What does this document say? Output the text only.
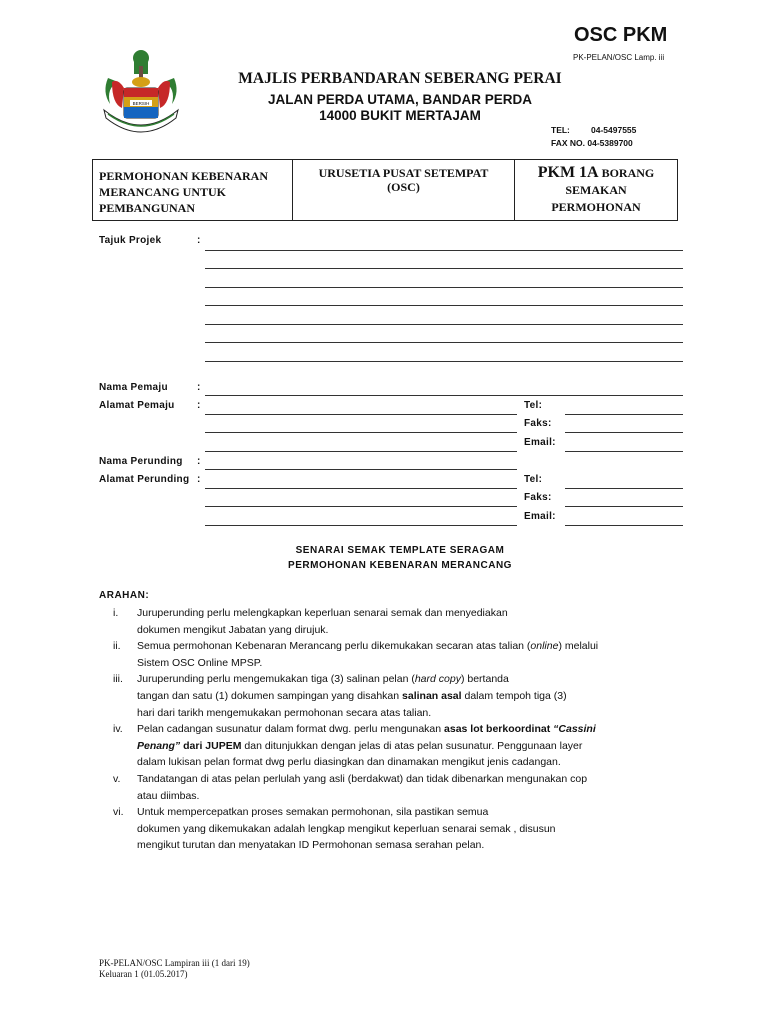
OSC PKM
PK-PELAN/OSC Lamp. iii
BERSIH
MAJLIS PERBANDARAN SEBERANG PERAI
JALAN PERDA UTAMA, BANDAR PERDA
14000 BUKIT MERTAJAM
TEL: 04-5497555
FAX NO. 04-5389700
PERMOHONAN KEBENARAN
MERANCANG UNTUK
PEMBANGUNAN
URUSETIA PUSAT SETEMPAT
(OSC)
PKM 1A BORANG
SEMAKAN
PERMOHONAN
Tajuk Projek	:
Nama Pemaju	:
Alamat Pemaju :	Tel:
Faks:
Email:
Nama Perunding :
Alamat Perunding :	Tel:
Faks:
Email:
SENARAI SEMAK TEMPLATE SERAGAM
PERMOHONAN KEBENARAN MERANCANG
ARAHAN:
i.	Juruperunding perlu melengkapkan keperluan senarai semak dan menyediakan
dokumen mengikut Jabatan yang dirujuk.
ii.	Semua permohonan Kebenaran Merancang perlu dikemukakan secaran atas talian (online) melalui
Sistem OSC Online MPSP.
iii.	Juruperunding perlu mengemukakan tiga (3) salinan pelan (hard copy) bertanda
tangan dan satu (1) dokumen sampingan yang disahkan salinan asal dalam tempoh tiga (3)
hari dari tarikh mengemukakan permohonan secara atas talian.
iv.	Pelan cadangan susunatur dalam format dwg. perlu mengunakan asas lot berkoordinat “Cassini
Penang” dari JUPEM dan ditunjukkan dengan jelas di atas pelan susunatur. Penggunaan layer
dalam lukisan pelan format dwg perlu diasingkan dan dinamakan mengikut jenis cadangan.
v.	Tandatangan di atas pelan perlulah yang asli (berdakwat) dan tidak dibenarkan mengunakan cop
atau diimbas.
vi.	Untuk mempercepatkan proses semakan permohonan, sila pastikan semua
dokumen yang dikemukakan adalah lengkap mengikut keperluan senarai semak , disusun
mengikut turutan dan menyatakan ID Permohonan semasa serahan pelan.
PK-PELAN/OSC Lampiran iii (1 dari 19)
Keluaran 1 (01.05.2017)
